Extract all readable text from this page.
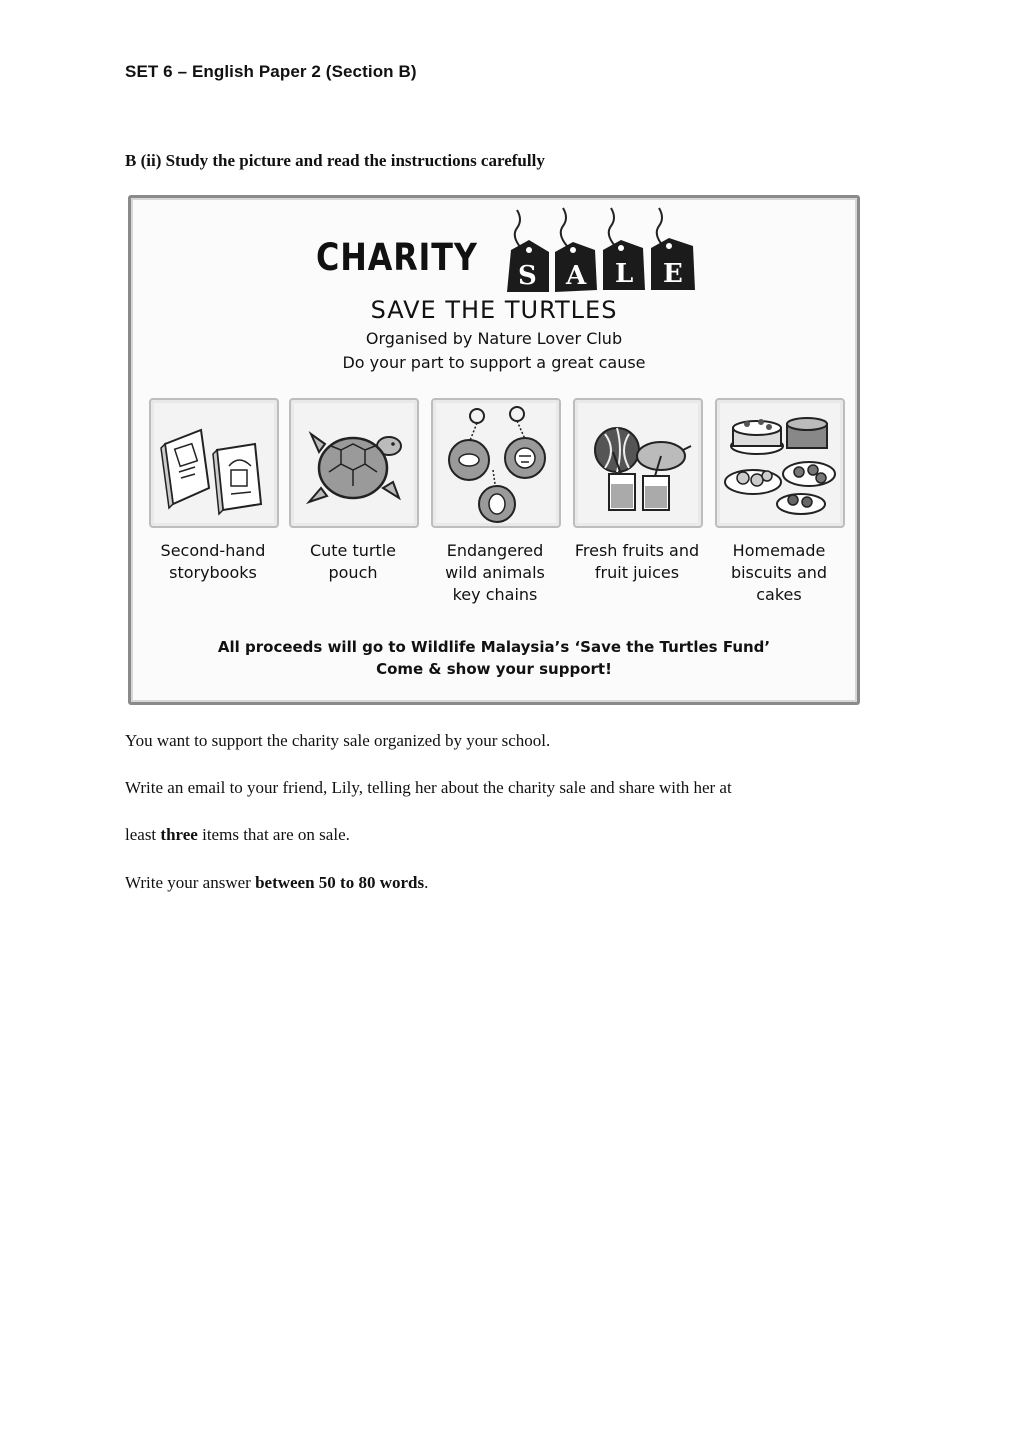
SET 6 – English Paper 2 (Section B)
B (ii) Study the picture and read the instructions carefully
CHARITY S A L E
SAVE THE TURTLES
Organised by Nature Lover Club
Do your part to support a great cause
Second-hand storybooks
Cute turtle pouch
Endangered wild animals key chains
Fresh fruits and fruit juices
Homemade biscuits and cakes
All proceeds will go to Wildlife Malaysia’s ‘Save the Turtles Fund’
Come & show your support!
You want to support the charity sale organized by your school.
Write an email to your friend, Lily, telling her about the charity sale and share with her at
least three items that are on sale.
Write your answer between 50 to 80 words.
